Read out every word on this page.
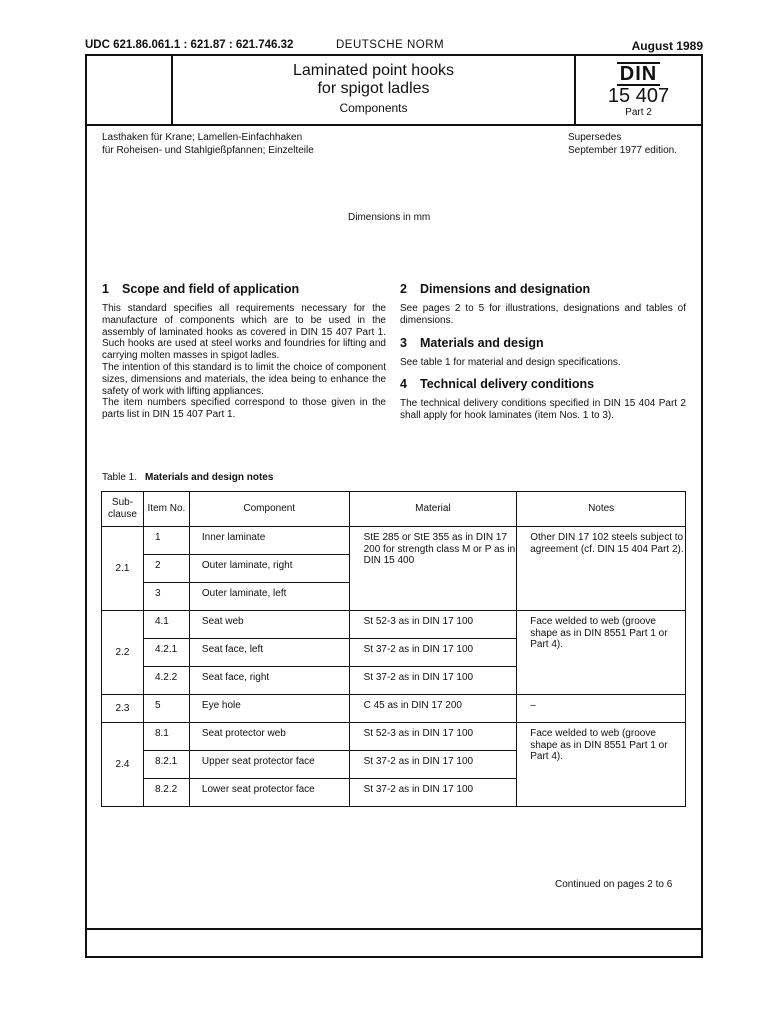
UDC 621.86.061.1 : 621.87 : 621.746.32	DEUTSCHE NORM	August 1989
Laminated point hooks
for spigot ladles
Components
DIN
15 407
Part 2
Lasthaken für Krane; Lamellen-Einfachhaken
für Roheisen- und Stahlgießpfannen; Einzelteile
Supersedes
September 1977 edition.
Dimensions in mm
1 Scope and field of application

This standard specifies all requirements necessary for the manufacture of components which are to be used in the assembly of laminated hooks as covered in DIN 15 407 Part 1. Such hooks are used at steel works and foundries for lifting and carrying molten masses in spigot ladles.

The intention of this standard is to limit the choice of component sizes, dimensions and materials, the idea being to enhance the safety of work with lifting appliances.

The item numbers specified correspond to those given in the parts list in DIN 15 407 Part 1.

2 Dimensions and designation

See pages 2 to 5 for illustrations, designations and tables of dimensions.

3 Materials and design

See table 1 for material and design specifications.

4 Technical delivery conditions

The technical delivery conditions specified in DIN 15 404 Part 2 shall apply for hook laminates (item Nos. 1 to 3).

Table 1. Materials and design notes
Sub- clause	Item No.	Component	Material	Notes
2.1	1	Inner laminate	StE 285 or StE 355 as in DIN 17 200 for strength class M or P as in DIN 15 400	Other DIN 17 102 steels subject to agreement (cf. DIN 15 404 Part 2).
	2	Outer laminate, right		
	3	Outer laminate, left		
2.2	4.1	Seat web	St 52-3 as in DIN 17 100	Face welded to web (groove shape as in DIN 8551 Part 1 or Part 4).
	4.2.1	Seat face, left	St 37-2 as in DIN 17 100	
	4.2.2	Seat face, right	St 37-2 as in DIN 17 100	
2.3	5	Eye hole	C 45 as in DIN 17 200	–
2.4	8.1	Seat protector web	St 52-3 as in DIN 17 100	Face welded to web (groove shape as in DIN 8551 Part 1 or Part 4).
	8.2.1	Upper seat protector face	St 37-2 as in DIN 17 100	
	8.2.2	Lower seat protector face	St 37-2 as in DIN 17 100	
Continued on pages 2 to 6
